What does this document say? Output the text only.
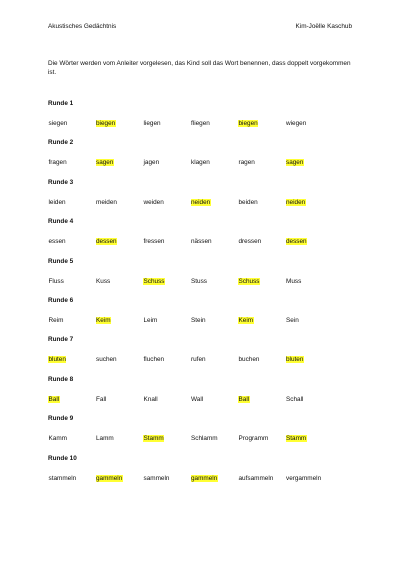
Akustisches Gedächtnis	Kim-Joëlle Kaschub
Die Wörter werden vom Anleiter vorgelesen, das Kind soll das Wort benennen, dass doppelt vorgekommen ist.
Runde 1
siegen	biegen	liegen	fliegen	biegen	wiegen
Runde 2
fragen	sagen	jagen	klagen	ragen	sagen
Runde 3
leiden	meiden	weiden	neiden	beiden	neiden
Runde 4
essen	dessen	fressen	nässen	dressen	dessen
Runde 5
Fluss	Kuss	Schuss	Stuss	Schuss	Muss
Runde 6
Reim	Keim	Leim	Stein	Keim	Sein
Runde 7
bluten	suchen	fluchen	rufen	buchen	bluten
Runde 8
Ball	Fall	Knall	Wall	Ball	Schall
Runde 9
Kamm	Lamm	Stamm	Schlamm	Programm	Stamm
Runde 10
stammeln	gammeln	sammeln	gammeln	aufsammeln	vergammeln
